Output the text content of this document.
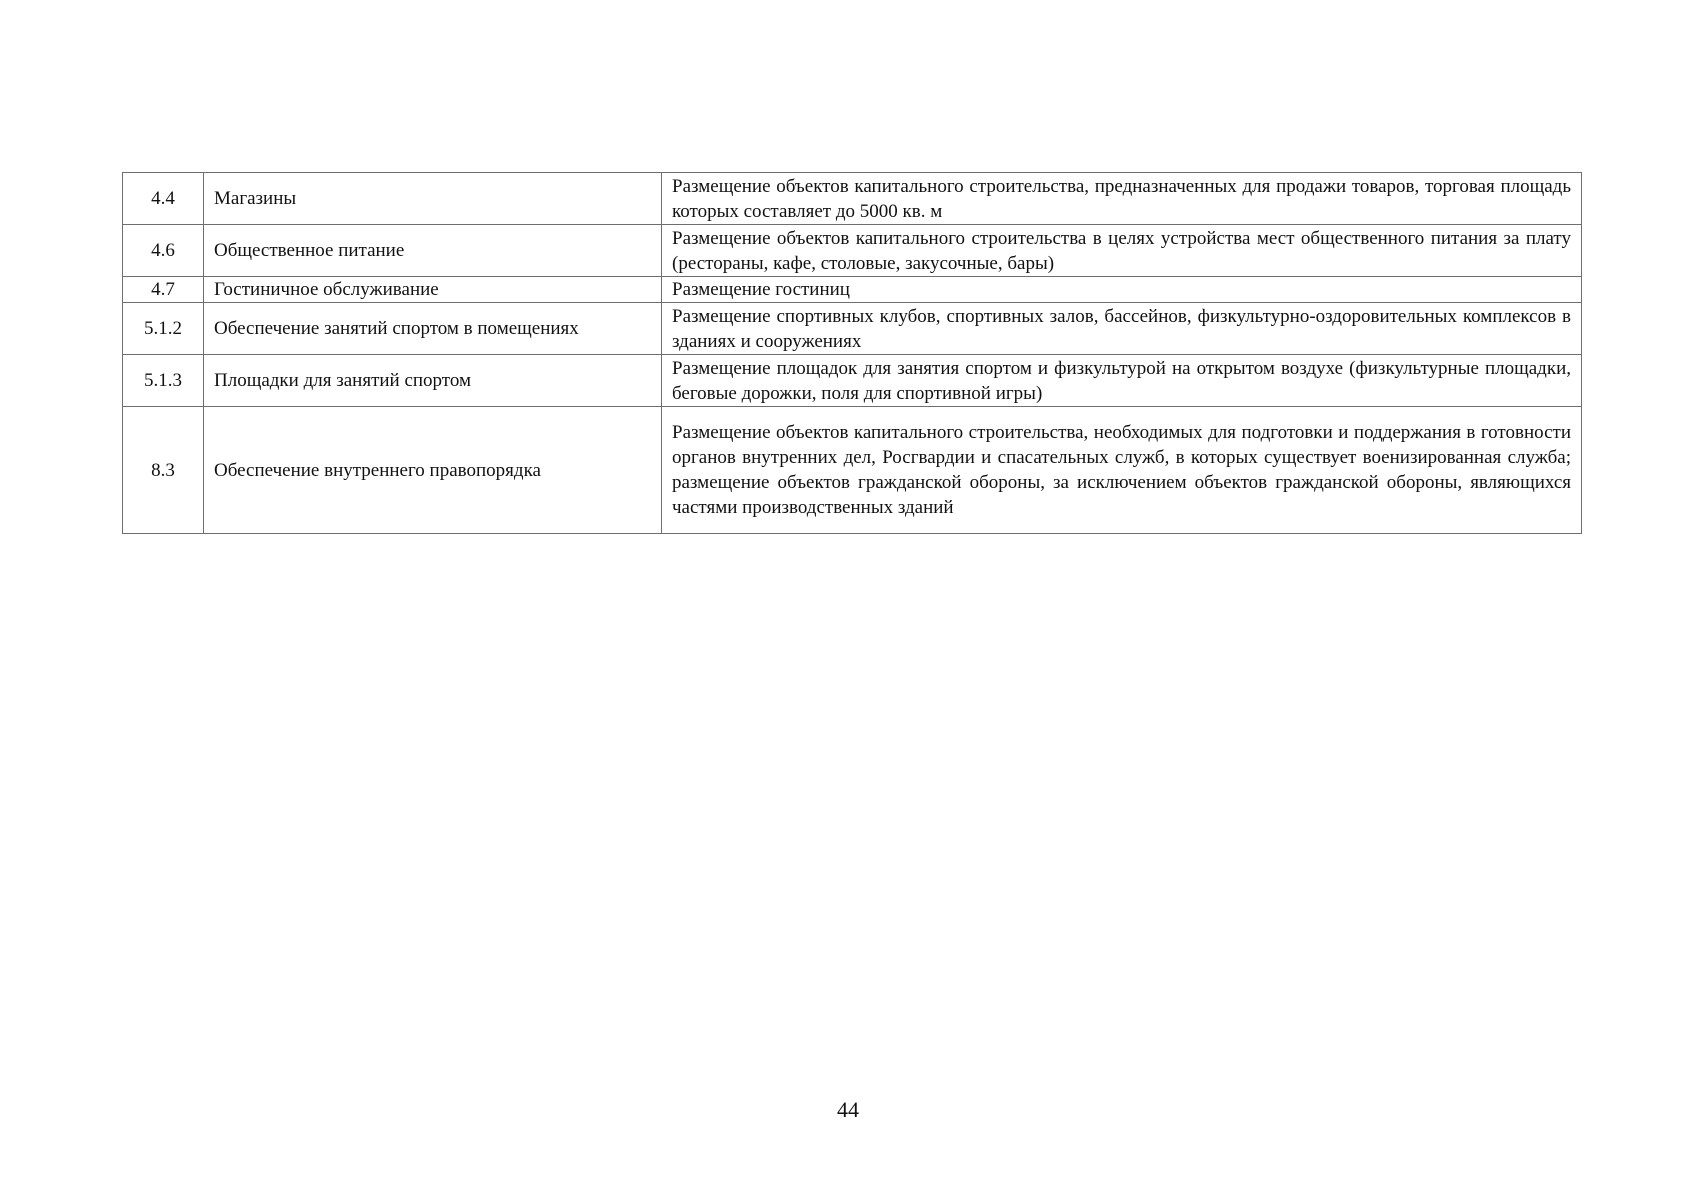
4.4	Магазины	Размещение объектов капитального строительства, предназначенных для продажи товаров, торговая площадь которых составляет до 5000 кв. м
4.6	Общественное питание	Размещение объектов капитального строительства в целях устройства мест общественного питания за плату (рестораны, кафе, столовые, закусочные, бары)
4.7	Гостиничное обслуживание	Размещение гостиниц
5.1.2	Обеспечение занятий спортом в помещениях	Размещение спортивных клубов, спортивных залов, бассейнов, физкультурно-оздоровительных комплексов в зданиях и сооружениях
5.1.3	Площадки для занятий спортом	Размещение площадок для занятия спортом и физкультурой на открытом воздухе (физкультурные площадки, беговые дорожки, поля для спортивной игры)
8.3	Обеспечение внутреннего правопорядка	Размещение объектов капитального строительства, необходимых для подготовки и поддержания в готовности органов внутренних дел, Росгвардии и спасательных служб, в которых существует военизированная служба; размещение объектов гражданской обороны, за исключением объектов гражданской обороны, являющихся частями производственных зданий
44
